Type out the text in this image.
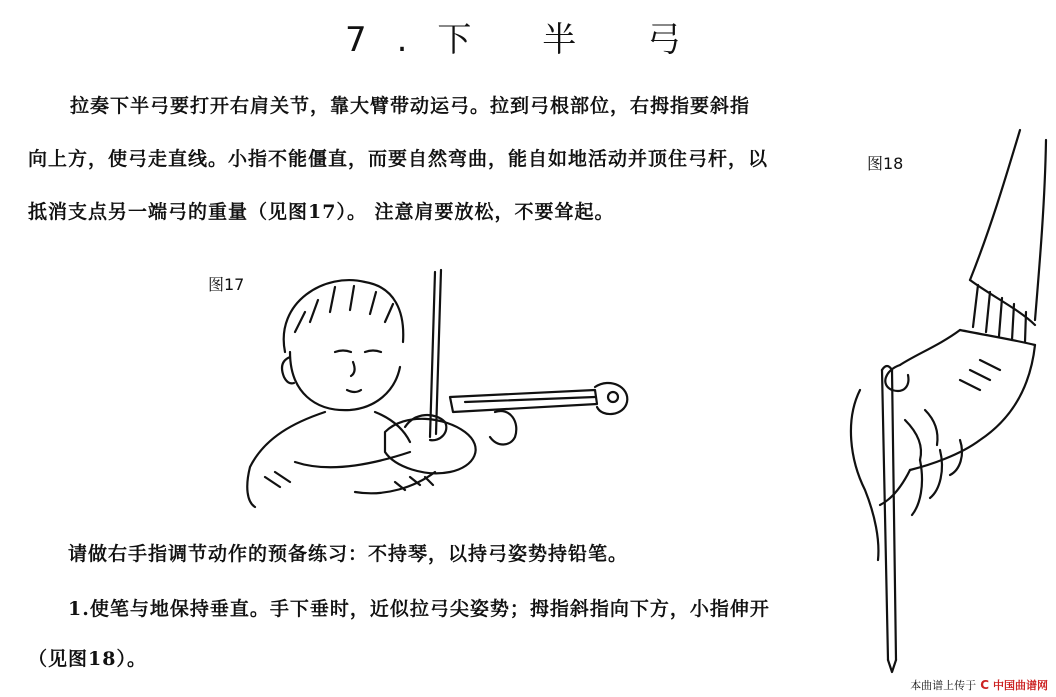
7.下 半 弓

拉奏下半弓要打开右肩关节，靠大臂带动运弓。拉到弓根部位，右拇指要斜指向上方，使弓走直线。小指不能僵直，而要自然弯曲，能自如地活动并顶住弓杆，以抵消支点另一端弓的重量（见图17）。 注意肩要放松，不要耸起。

图17
图18

请做右手指调节动作的预备练习：不持琴，以持弓姿势持铅笔。

1.使笔与地保持垂直。手下垂时，近似拉弓尖姿势；拇指斜指向下方，小指伸开（见图18）。

本曲谱上传于 C 中国曲谱网
